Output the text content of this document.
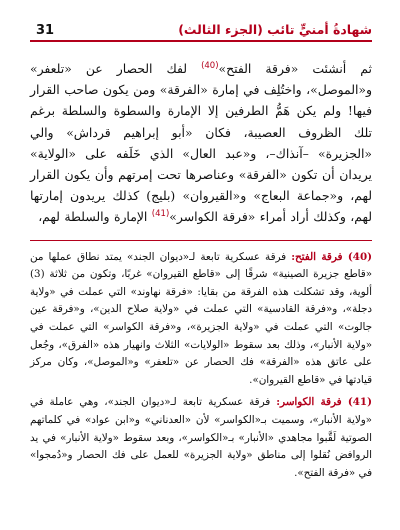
31	شهادةُ أمنيٍّ تائب (الجزء الثالث)

ثم أنشئت «فرقة الفتح»$^{(40)}$ لفك الحصار عن «تلعفر» و«الموصل»، واختُلِف في إمارة «الفرقة» ومن يكون صاحب القرار فيها! ولم يكن هَمُّ الطرفين إلا الإمارة والسطوة والسلطة برغم تلك الظروف العصيبة، فكان «أبو إبراهيم قرداش» والي «الجزيرة» –آنذاك–، و«عبد العال» الذي خَلَفه على «الولاية» يريدان أن تكون «الفرقة» وعناصرها تحت إمرتهم وأن يكون القرار لهم، و«جماعة البعاج» و«القيروان» (بليج) كذلك يريدون إمارتها لهم، وكذلك أراد أمراء «فرقة الكواسر»$^{(41)}$ الإمارة والسلطة لهم،

(40) فرقة الفتح: فرقة عسكرية تابعة لـ«ديوان الجند» يمتد نطاق عملها من «قاطع جزيرة الصينية» شرقًا إلى «قاطع القيروان» غربًا، وتكون من ثلاثة (3) ألوية، وقد تشكلت هذه الفرقة من بقايا: «فرقة نهاوند» التي عملت في «ولاية دجلة»، و«فرقة القادسية» التي عملت في «ولاية صلاح الدين»، و«فرقة عين جالوت» التي عملت في «ولاية الجزيرة»، و«فرقة الكواسر» التي عملت في «ولاية الأنبار»، وذلك بعد سقوط «الولايات» الثلاث وانهيار هذه «الفرق»، وجُعل على عاتق هذه «الفرقة» فك الحصار عن «تلعفر» و«الموصل»، وكان مركز قيادتها في «قاطع القيروان».

(41) فرقة الكواسر: فرقة عسكرية تابعة لـ«ديوان الجند»، وهي عاملة في «ولاية الأنبار»، وسميت بـ«الكواسر» لأن «العدناني» و«ابن عواد» في كلماتهم الصوتية لَقَّبوا مجاهدي «الأنبار» بـ«الكواسر»، وبعد سقوط «ولاية الأنبار» في يد الروافض نُقلوا إلى مناطق «ولاية الجزيرة» للعمل على فك الحصار و«دُمجوا» في «فرقة الفتح».
